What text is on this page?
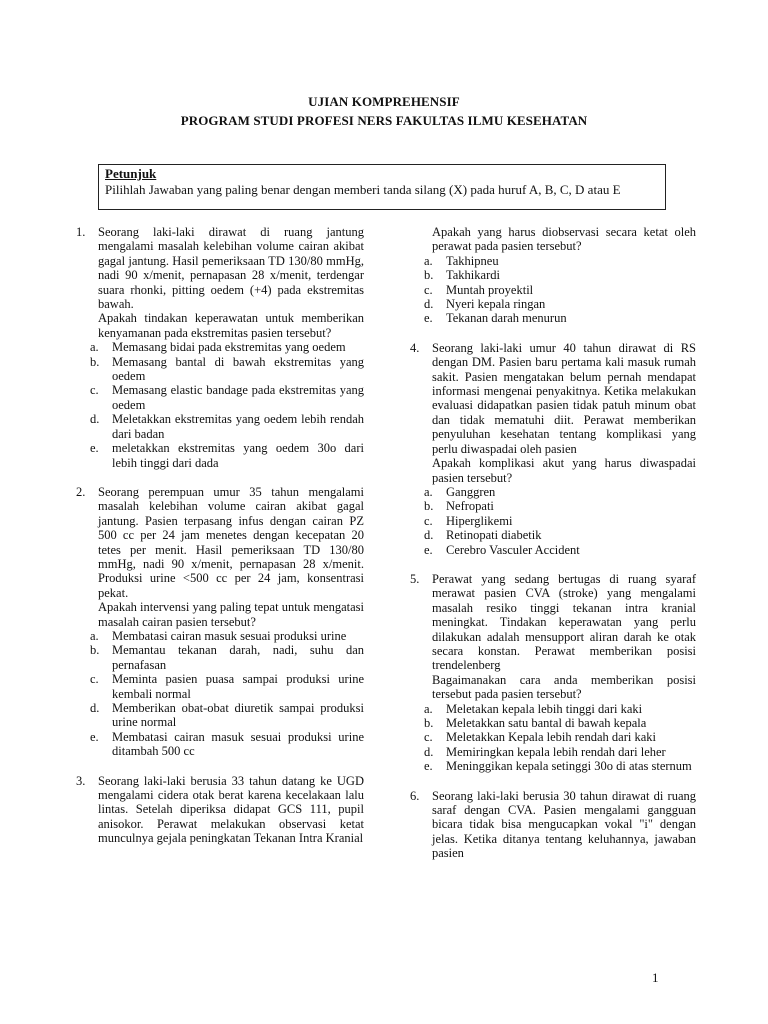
UJIAN KOMPREHENSIF
PROGRAM STUDI PROFESI NERS FAKULTAS ILMU KESEHATAN
Petunjuk
Pilihlah Jawaban yang paling benar dengan memberi tanda silang (X) pada huruf A, B, C, D atau E
1.	Seorang laki-laki dirawat di ruang jantung mengalami masalah kelebihan volume cairan akibat gagal jantung. Hasil pemeriksaan TD 130/80 mmHg, nadi 90 x/menit, pernapasan 28 x/menit, terdengar suara rhonki, pitting oedem (+4) pada ekstremitas bawah.
Apakah tindakan keperawatan untuk memberikan kenyamanan pada ekstremitas pasien tersebut?
a.	Memasang bidai pada ekstremitas yang oedem
b.	Memasang bantal di bawah ekstremitas yang oedem
c.	Memasang elastic bandage pada ekstremitas yang oedem
d.	Meletakkan ekstremitas yang oedem lebih rendah dari badan
e.	meletakkan ekstremitas yang oedem 30o dari lebih tinggi dari dada
2.	Seorang perempuan umur 35 tahun mengalami masalah kelebihan volume cairan akibat gagal jantung. Pasien terpasang infus dengan cairan PZ 500 cc per 24 jam menetes dengan kecepatan 20 tetes per menit. Hasil pemeriksaan TD 130/80 mmHg, nadi 90 x/menit, pernapasan 28 x/menit. Produksi urine <500 cc per 24 jam, konsentrasi pekat.
Apakah intervensi yang paling tepat untuk mengatasi masalah cairan pasien tersebut?
a.	Membatasi cairan masuk sesuai produksi urine
b.	Memantau tekanan darah, nadi, suhu dan pernafasan
c.	Meminta pasien puasa sampai produksi urine kembali normal
d.	Memberikan obat-obat diuretik sampai produksi urine normal
e.	Membatasi cairan masuk sesuai produksi urine ditambah 500 cc
3.	Seorang laki-laki berusia 33 tahun datang ke UGD mengalami cidera otak berat karena kecelakaan lalu lintas. Setelah diperiksa didapat GCS 111, pupil anisokor. Perawat melakukan observasi ketat munculnya gejala peningkatan Tekanan Intra Kranial
Apakah yang harus diobservasi secara ketat oleh perawat pada pasien tersebut?
a.	Takhipneu
b.	Takhikardi
c.	Muntah proyektil
d.	Nyeri kepala ringan
e.	Tekanan darah menurun
4.	Seorang laki-laki umur 40 tahun dirawat di RS dengan DM. Pasien baru pertama kali masuk rumah sakit. Pasien mengatakan belum pernah mendapat informasi mengenai penyakitnya. Ketika melakukan evaluasi didapatkan pasien tidak patuh minum obat dan tidak mematuhi diit. Perawat memberikan penyuluhan kesehatan tentang komplikasi yang perlu diwaspadai oleh pasien
Apakah komplikasi akut yang harus diwaspadai pasien tersebut?
a.	Ganggren
b.	Nefropati
c.	Hiperglikemi
d.	Retinopati diabetik
e.	Cerebro Vasculer Accident
5.	Perawat yang sedang bertugas di ruang syaraf merawat pasien CVA (stroke) yang mengalami masalah resiko tinggi tekanan intra kranial meningkat. Tindakan keperawatan yang perlu dilakukan adalah mensupport aliran darah ke otak secara konstan. Perawat memberikan posisi trendelenberg
Bagaimanakan cara anda memberikan posisi tersebut pada pasien tersebut?
a.	Meletakan kepala lebih tinggi dari kaki
b.	Meletakkan satu bantal di bawah kepala
c.	Meletakkan Kepala lebih rendah dari kaki
d.	Memiringkan kepala lebih rendah dari leher
e.	Meninggikan kepala setinggi 30o di atas sternum
6.	Seorang laki-laki berusia 30 tahun dirawat di ruang saraf dengan CVA. Pasien mengalami gangguan bicara tidak bisa mengucapkan vokal "i" dengan jelas. Ketika ditanya tentang keluhannya, jawaban pasien
1
